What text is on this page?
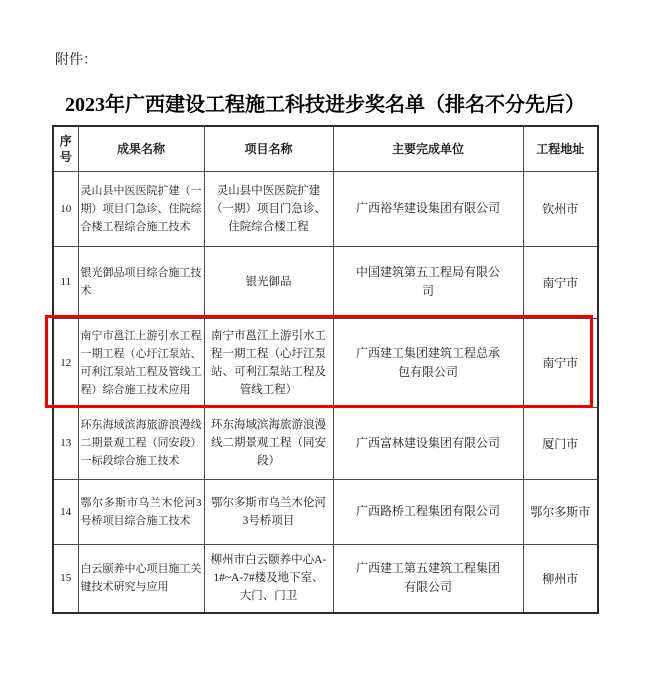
附件：
2023年广西建设工程施工科技进步奖名单（排名不分先后）
序号	成果名称	项目名称	主要完成单位	工程地址
10	灵山县中医医院扩建（一期）项目门急诊、住院综合楼工程综合施工技术	灵山县中医医院扩建（一期）项目门急诊、住院综合楼工程	广西裕华建设集团有限公司	钦州市
11	银光御品项目综合施工技术	银光御品	中国建筑第五工程局有限公司	南宁市
12	南宁市邕江上游引水工程一期工程（心圩江泵站、可利江泵站工程及管线工程）综合施工技术应用	南宁市邕江上游引水工程一期工程（心圩江泵站、可利江泵站工程及管线工程）	广西建工集团建筑工程总承包有限公司	南宁市
13	环东海域滨海旅游浪漫线二期景观工程（同安段）一标段综合施工技术	环东海域滨海旅游浪漫线二期景观工程（同安段）	广西富林建设集团有限公司	厦门市
14	鄂尔多斯市乌兰木伦河3号桥项目综合施工技术	鄂尔多斯市乌兰木伦河3号桥项目	广西路桥工程集团有限公司	鄂尔多斯市
15	白云颐养中心项目施工关键技术研究与应用	柳州市白云颐养中心A-1#~A-7#楼及地下室、大门、门卫	广西建工第五建筑工程集团有限公司	柳州市
